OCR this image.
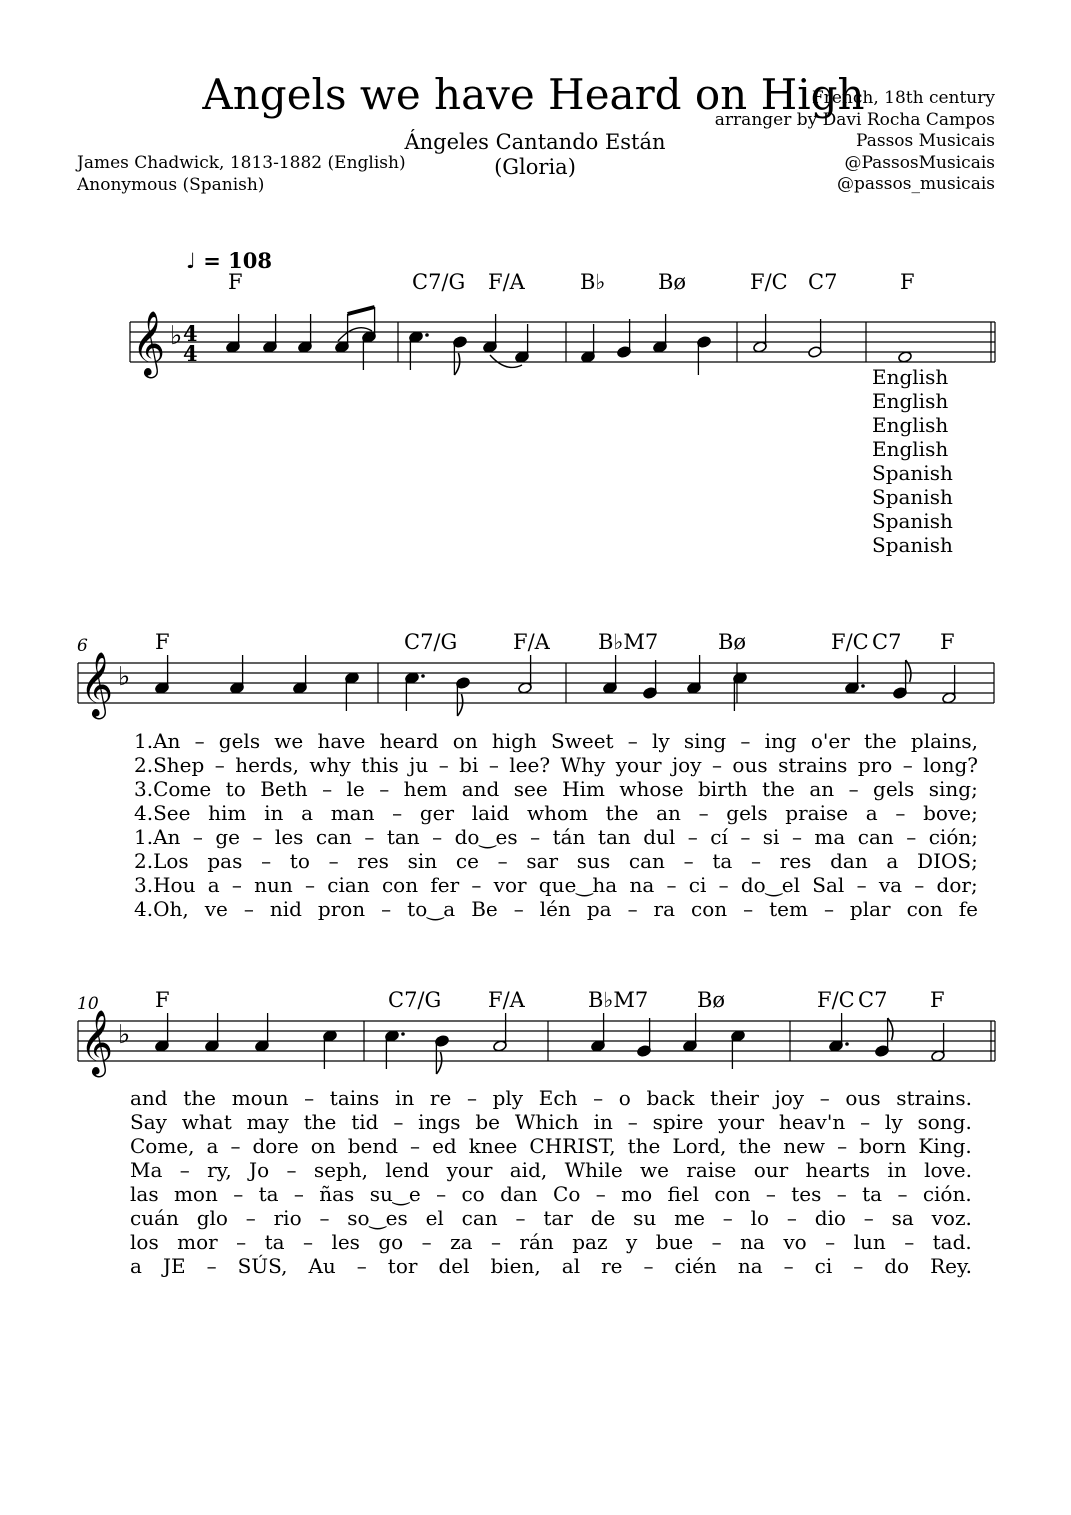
Angels we have Heard on High
Ángeles Cantando Están
(Gloria)
French, 18th century
arranger by Davi Rocha Campos
Passos Musicais
@PassosMusicais
@passos_musicais
James Chadwick, 1813-1882 (English)
Anonymous (Spanish)
♩ = 108
F	C7/G F/A	B♭	Bø	F/C C7	F
F	C7/G	F/A B♭M7	Bø	F/C C7 F
F	C7/G F/A	B♭M7 Bø	F/C C7 F
6
10
English
English
English
English
Spanish
Spanish
Spanish
Spanish
1.An – gels we have heard on high Sweet – ly sing – ing o'er the plains,
2.Shep – herds, why this ju – bi – lee? Why your joy – ous strains pro – long?
3.Come to Beth – le – hem and see Him whose birth the an – gels sing;
4.See him in a man – ger laid whom the an – gels praise a – bove;
1.An – ge – les can – tan – do‿es – tán tan dul – cí – si – ma can – ción;
2.Los pas – to – res sin ce – sar sus can – ta – res dan a DIOS;
3.Hou a – nun – cian con fer – vor que‿ha na – ci – do‿el Sal – va – dor;
4.Oh, ve – nid pron – to‿a Be – lén pa – ra con – tem – plar con fe
and the moun – tains in re – ply Ech – o back their joy – ous strains.
Say what may the tid – ings be Which in – spire your heav'n – ly song.
Come, a – dore on bend – ed knee CHRIST, the Lord, the new – born King.
Ma – ry, Jo – seph, lend your aid, While we raise our hearts in love.
las mon – ta – ñas su‿e – co dan Co – mo fiel con – tes – ta – ción.
cuán glo – rio – so‿es el can – tar de su me – lo – dio – sa voz.
los mor – ta – les go – za – rán paz y bue – na vo – lun – tad.
a JE – SÚS, Au – tor del bien, al re – cién na – ci – do Rey.
𝄞 ♭ 4
4
𝄞 ♭
𝄞 ♭
